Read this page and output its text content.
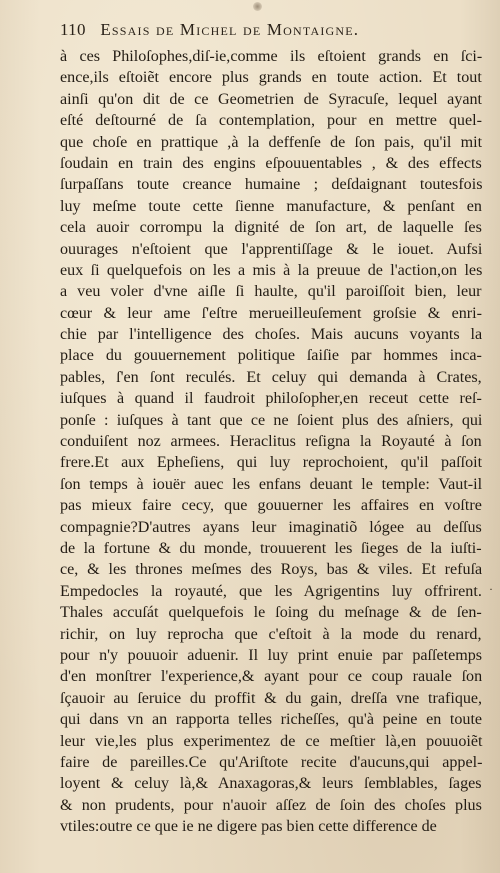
110 Essais de Michel de Montaigne.
à ces Philoſophes,diſ-ie,comme ils eſtoient grands en ſci-
ence,ils eſtoiẽt encore plus grands en toute action. Et tout
ainſi qu'on dit de ce Geometrien de Syracuſe, lequel ayant
eſté deſtourné de ſa contemplation, pour en mettre quel-
que choſe en prattique ,à la deffenſe de ſon pais, qu'il mit
ſoudain en train des engins eſpouuentables , & des effects
ſurpaſſans toute creance humaine ; deſdaignant toutesfois
luy meſme toute cette ſienne manufacture, & penſant en
cela auoir corrompu la dignité de ſon art, de laquelle ſes
ouurages n'eſtoient que l'apprentiſſage & le iouet. Aufsi
eux ſi quelquefois on les a mis à la preuue de l'action,on les
a veu voler d'vne aiſle ſi haulte, qu'il paroiſſoit bien, leur
cœur & leur ame ſ'eſtre merueilleuſement groſsie & enri-
chie par l'intelligence des choſes. Mais aucuns voyants la
place du gouuernement politique ſaiſie par hommes inca-
pables, ſ'en ſont reculés. Et celuy qui demanda à Crates,
iuſques à quand il faudroit philoſopher,en receut cette reſ-
ponſe : iuſques à tant que ce ne ſoient plus des aſniers, qui
conduiſent noz armees. Heraclitus reſigna la Royauté à ſon
frere.Et aux Epheſiens, qui luy reprochoient, qu'il paſſoit
ſon temps à iouër auec les enfans deuant le temple: Vaut-il
pas mieux faire cecy, que gouuerner les affaires en voſtre
compagnie?D'autres ayans leur imaginatiõ lógee au deſſus
de la fortune & du monde, trouuerent les ſieges de la iuſti-
ce, & les thrones meſmes des Roys, bas & viles. Et refuſa
Empedocles la royauté, que les Agrigentins luy offrirent.
Thales accuſát quelquefois le ſoing du meſnage & de ſen-
richir, on luy reprocha que c'eſtoit à la mode du renard,
pour n'y pouuoir aduenir. Il luy print enuie par paſſetemps
d'en monſtrer l'experience,& ayant pour ce coup rauale ſon
ſçauoir au ſeruice du proffit & du gain, dreſſa vne trafique,
qui dans vn an rapporta telles richeſſes, qu'à peine en toute
leur vie,les plus experimentez de ce meſtier là,en pouuoiẽt
faire de pareilles.Ce qu'Ariſtote recite d'aucuns,qui appel-
loyent & celuy là,& Anaxagoras,& leurs ſemblables, ſages
& non prudents, pour n'auoir aſſez de ſoin des choſes plus
vtiles:outre ce que ie ne digere pas bien cette difference de
·
